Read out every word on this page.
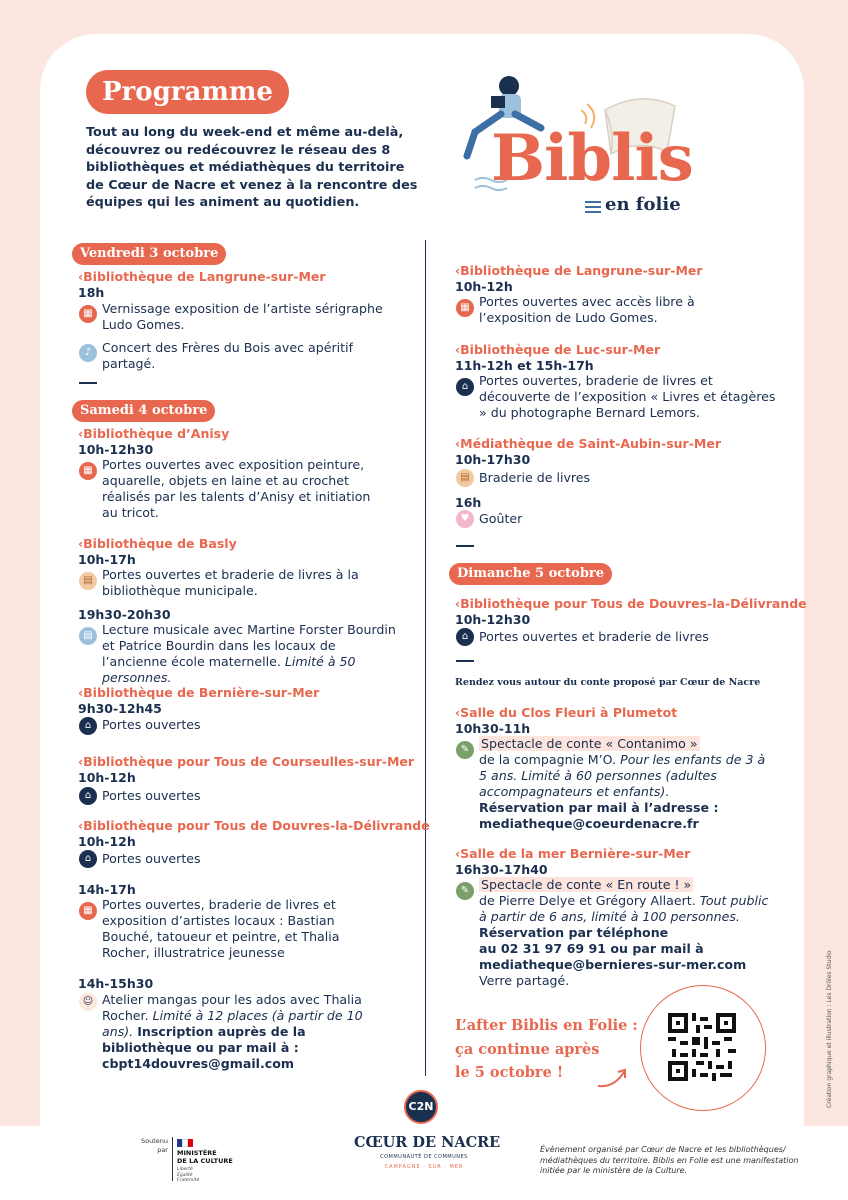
Programme
Tout au long du week-end et même au-delà, découvrez ou redécouvrez le réseau des 8 bibliothèques et médiathèques du territoire de Cœur de Nacre et venez à la rencontre des équipes qui les animent au quotidien.
Biblis
en folie
Vendredi 3 octobre
‹ Bibliothèque de Langrune-sur-Mer
18h
▦ Vernissage exposition de l’artiste sérigraphe Ludo Gomes.
♪ Concert des Frères du Bois avec apéritif partagé.
Samedi 4 octobre
‹ Bibliothèque d’Anisy
10h-12h30
▦ Portes ouvertes avec exposition peinture, aquarelle, objets en laine et au crochet réalisés par les talents d’Anisy et initiation au tricot.
‹ Bibliothèque de Basly
10h-17h
▤ Portes ouvertes et braderie de livres à la bibliothèque municipale.
19h30-20h30
▤ Lecture musicale avec Martine Forster Bourdin et Patrice Bourdin dans les locaux de l’ancienne école maternelle. Limité à 50 personnes.
‹ Bibliothèque de Bernière-sur-Mer
9h30-12h45
⌂ Portes ouvertes
‹ Bibliothèque pour Tous de Courseulles-sur-Mer
10h-12h
⌂ Portes ouvertes
‹ Bibliothèque pour Tous de Douvres-la-Délivrande
10h-12h
⌂ Portes ouvertes
14h-17h
▦ Portes ouvertes, braderie de livres et exposition d’artistes locaux : Bastian Bouché, tatoueur et peintre, et Thalia Rocher, illustratrice jeunesse
14h-15h30
☺ Atelier mangas pour les ados avec Thalia Rocher. Limité à 12 places (à partir de 10 ans). Inscription auprès de la bibliothèque ou par mail à :
cbpt14douvres@gmail.com
‹ Bibliothèque de Langrune-sur-Mer
10h-12h
▦ Portes ouvertes avec accès libre à l’exposition de Ludo Gomes.
‹ Bibliothèque de Luc-sur-Mer
11h-12h et 15h-17h
⌂ Portes ouvertes, braderie de livres et découverte de l’exposition « Livres et étagères » du photographe Bernard Lemors.
‹ Médiathèque de Saint-Aubin-sur-Mer
10h-17h30
▤ Braderie de livres
16h
♥ Goûter
Dimanche 5 octobre
‹ Bibliothèque pour Tous de Douvres-la-Délivrande
10h-12h30
⌂ Portes ouvertes et braderie de livres
Rendez vous autour du conte proposé par Cœur de Nacre
‹ Salle du Clos Fleuri à Plumetot
10h30-11h
✎ Spectacle de conte « Contanimo »
de la compagnie M’O. Pour les enfants de 3 à 5 ans. Limité à 60 personnes (adultes accompagnateurs et enfants).
Réservation par mail à l’adresse :
mediatheque@coeurdenacre.fr
‹ Salle de la mer Bernière-sur-Mer
16h30-17h40
✎ Spectacle de conte « En route ! »
de Pierre Delye et Grégory Allaert. Tout public à partir de 6 ans, limité à 100 personnes. Réservation par téléphone
au 02 31 97 69 91 ou par mail à
mediatheque@bernieres-sur-mer.com
Verre partagé.
L’after Biblis en Folie :
ça continue après
le 5 octobre !	Création graphique et illustration : Les Drôles Studio
Soutenu par MINISTÈRE
DE LA CULTURE
Liberté Égalité Fraternité
C2N
CŒUR DE NACRE
COMMUNAUTÉ DE COMMUNES
CAMPAGNE · SUR · MER
Évènement organisé par Cœur de Nacre et les bibliothèques/ médiathèques du territoire. Biblis en Folie est une manifestation initiée par le ministère de la Culture.
